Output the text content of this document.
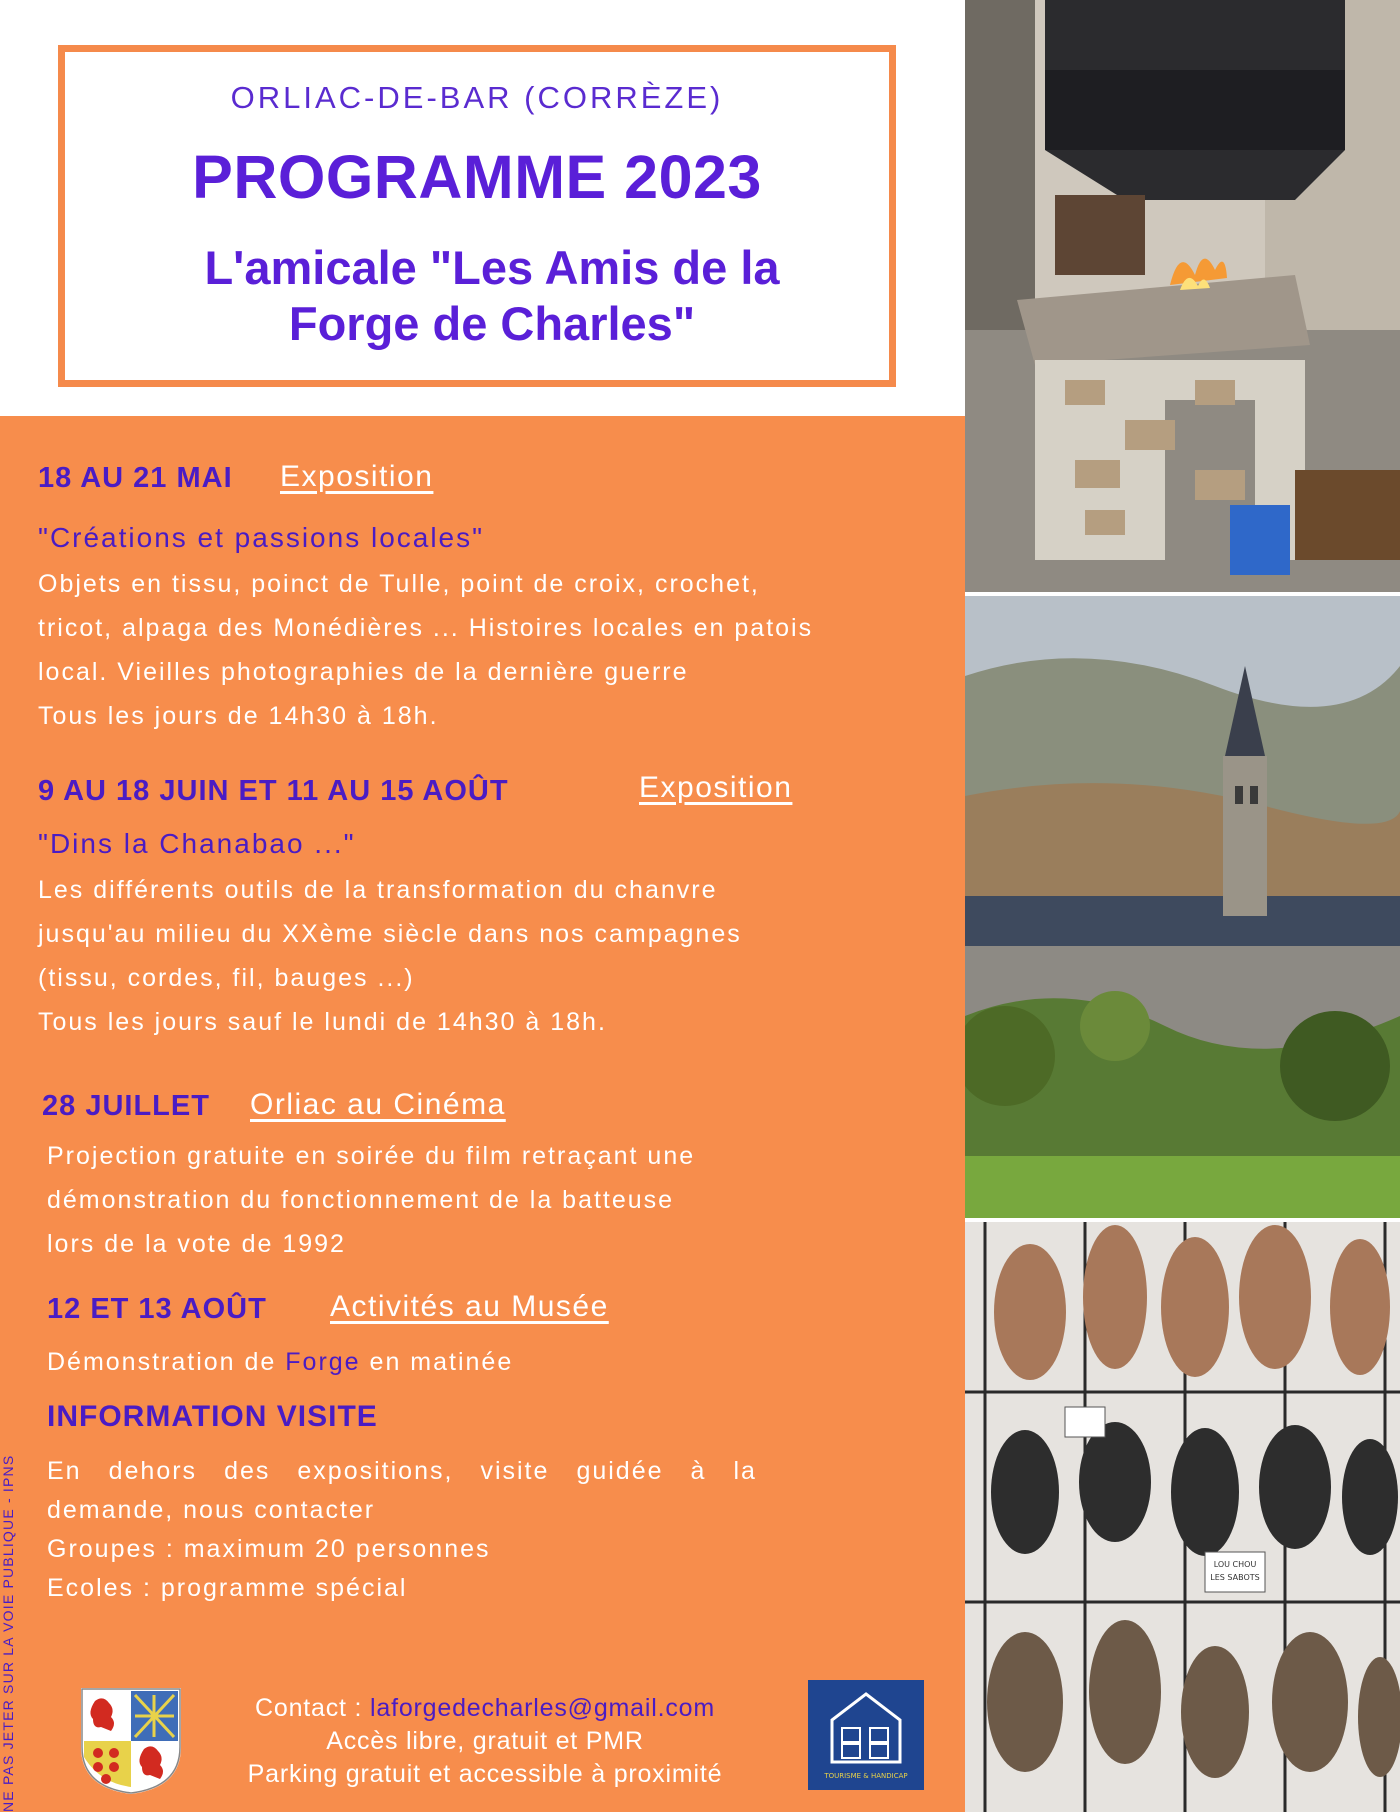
ORLIAC-DE-BAR (CORRÈZE)
PROGRAMME 2023
L'amicale "Les Amis de la
Forge de Charles"
18 AU 21 MAI Exposition
"Créations et passions locales"
Objets en tissu, poinct de Tulle, point de croix, crochet,
tricot, alpaga des Monédières ... Histoires locales en patois
local. Vieilles photographies de la dernière guerre
Tous les jours de 14h30 à 18h.
9 AU 18 JUIN ET 11 AU 15 AOÛT	Exposition
"Dins la Chanabao ..."
Les différents outils de la transformation du chanvre
jusqu'au milieu du XXème siècle dans nos campagnes
(tissu, cordes, fil, bauges ...)
Tous les jours sauf le lundi de 14h30 à 18h.
28 JUILLET Orliac au Cinéma
Projection gratuite en soirée du film retraçant une
démonstration du fonctionnement de la batteuse
lors de la vote de 1992
12 ET 13 AOÛT Activités au Musée
Démonstration de Forge en matinée
INFORMATION VISITE
En dehors des expositions, visite guidée à la
demande, nous contacter
Groupes : maximum 20 personnes
Ecoles : programme spécial
Contact : laforgedecharles@gmail.com
Accès libre, gratuit et PMR
Parking gratuit et accessible à proximité	TOURISME & HANDICAP
NE PAS JETER SUR LA VOIE PUBLIQUE - IPNS	LOU CHOU
LES SABOTS
